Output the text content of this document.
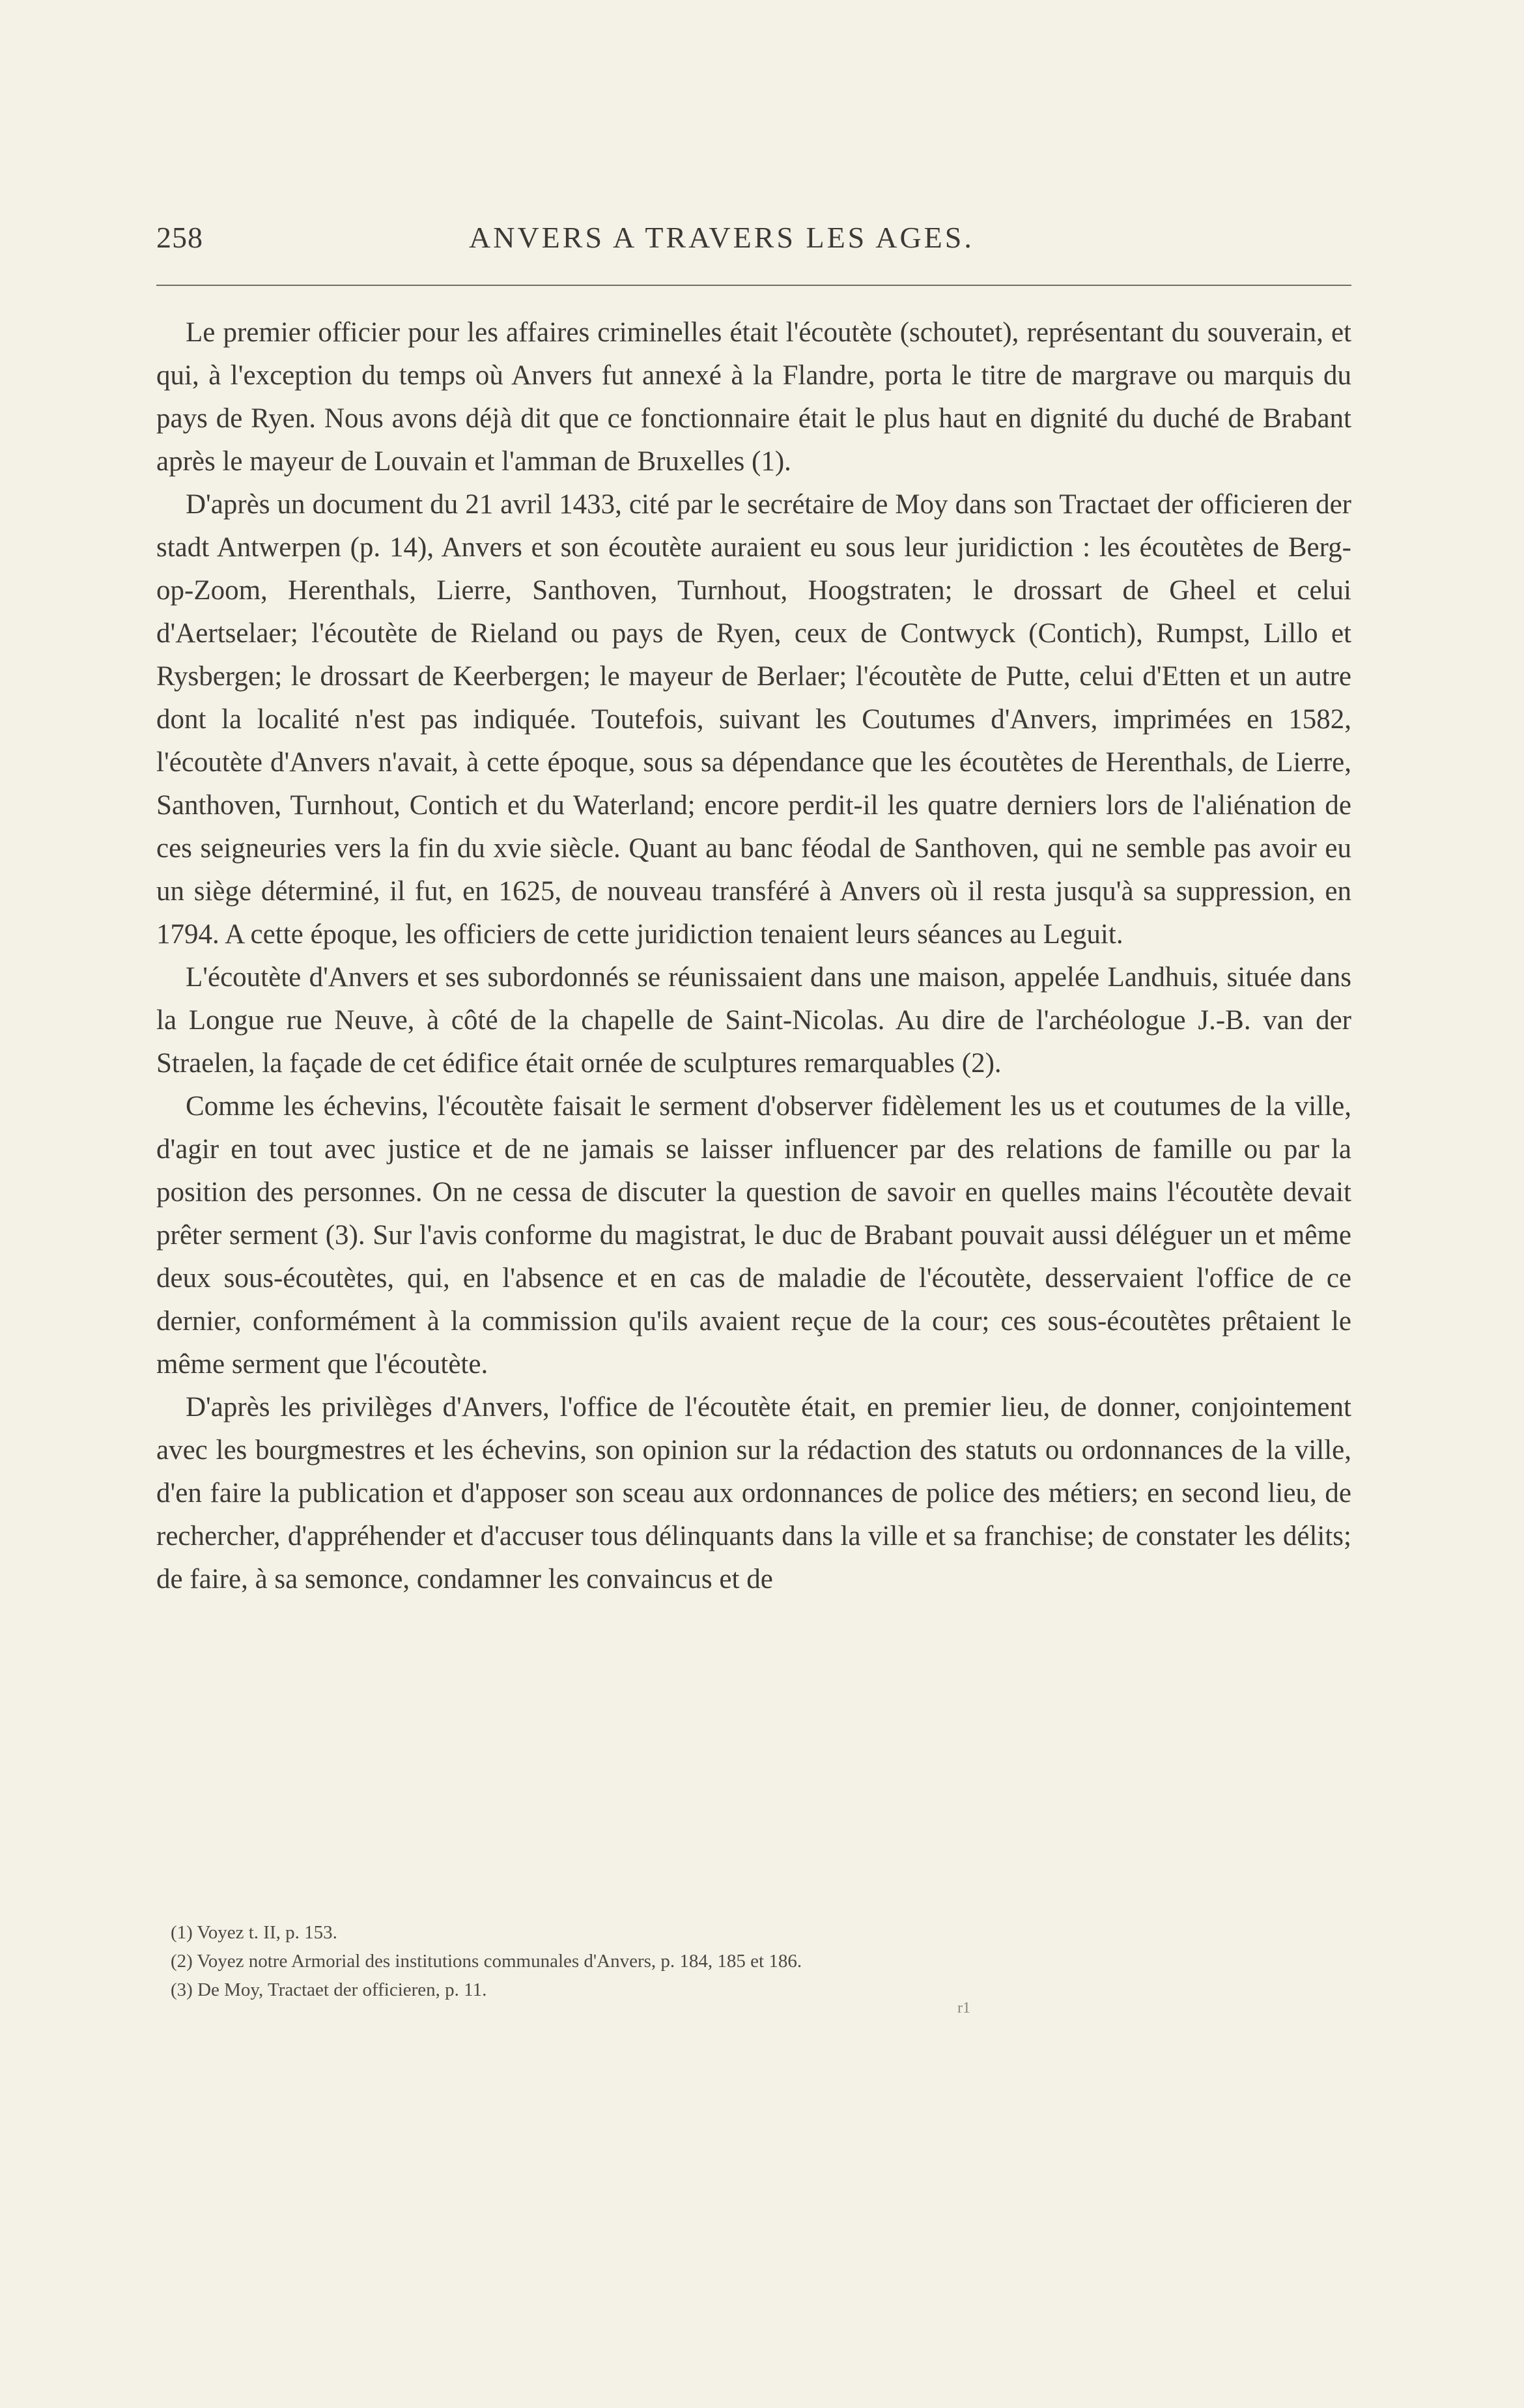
258	ANVERS A TRAVERS LES AGES.

Le premier officier pour les affaires criminelles était l'écoutète (schoutet), représentant du souverain, et qui, à l'exception du temps où Anvers fut annexé à la Flandre, porta le titre de margrave ou marquis du pays de Ryen. Nous avons déjà dit que ce fonctionnaire était le plus haut en dignité du duché de Brabant après le mayeur de Louvain et l'amman de Bruxelles (1).

D'après un document du 21 avril 1433, cité par le secrétaire de Moy dans son Tractaet der officieren der stadt Antwerpen (p. 14), Anvers et son écoutète auraient eu sous leur juridiction : les écoutètes de Berg-op-Zoom, Herenthals, Lierre, Santhoven, Turnhout, Hoogstraten; le drossart de Gheel et celui d'Aertselaer; l'écoutète de Rieland ou pays de Ryen, ceux de Contwyck (Contich), Rumpst, Lillo et Rysbergen; le drossart de Keerbergen; le mayeur de Berlaer; l'écoutète de Putte, celui d'Etten et un autre dont la localité n'est pas indiquée. Toutefois, suivant les Coutumes d'Anvers, imprimées en 1582, l'écoutète d'Anvers n'avait, à cette époque, sous sa dépendance que les écoutètes de Herenthals, de Lierre, Santhoven, Turnhout, Contich et du Waterland; encore perdit-il les quatre derniers lors de l'aliénation de ces seigneuries vers la fin du xvie siècle. Quant au banc féodal de Santhoven, qui ne semble pas avoir eu un siège déterminé, il fut, en 1625, de nouveau transféré à Anvers où il resta jusqu'à sa suppression, en 1794. A cette époque, les officiers de cette juridiction tenaient leurs séances au Leguit.

L'écoutète d'Anvers et ses subordonnés se réunissaient dans une maison, appelée Landhuis, située dans la Longue rue Neuve, à côté de la chapelle de Saint-Nicolas. Au dire de l'archéologue J.-B. van der Straelen, la façade de cet édifice était ornée de sculptures remarquables (2).

Comme les échevins, l'écoutète faisait le serment d'observer fidèlement les us et coutumes de la ville, d'agir en tout avec justice et de ne jamais se laisser influencer par des relations de famille ou par la position des personnes. On ne cessa de discuter la question de savoir en quelles mains l'écoutète devait prêter serment (3). Sur l'avis conforme du magistrat, le duc de Brabant pouvait aussi déléguer un et même deux sous-écoutètes, qui, en l'absence et en cas de maladie de l'écoutète, desservaient l'office de ce dernier, conformément à la commission qu'ils avaient reçue de la cour; ces sous-écoutètes prêtaient le même serment que l'écoutète.

D'après les privilèges d'Anvers, l'office de l'écoutète était, en premier lieu, de donner, conjointement avec les bourgmestres et les échevins, son opinion sur la rédaction des statuts ou ordonnances de la ville, d'en faire la publication et d'apposer son sceau aux ordonnances de police des métiers; en second lieu, de rechercher, d'appréhender et d'accuser tous délinquants dans la ville et sa franchise; de constater les délits; de faire, à sa semonce, condamner les convaincus et de

(1) Voyez t. II, p. 153.
(2) Voyez notre Armorial des institutions communales d'Anvers, p. 184, 185 et 186.
(3) De Moy, Tractaet der officieren, p. 11.
r1
